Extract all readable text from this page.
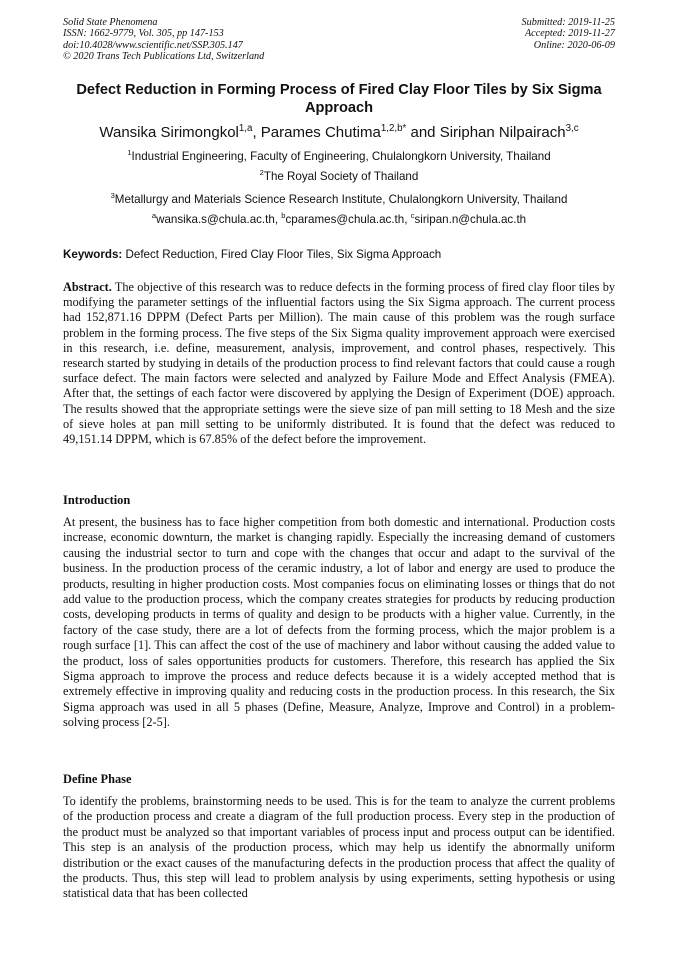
Solid State Phenomena
ISSN: 1662-9779, Vol. 305, pp 147-153
doi:10.4028/www.scientific.net/SSP.305.147
© 2020 Trans Tech Publications Ltd, Switzerland
Submitted: 2019-11-25
Accepted: 2019-11-27
Online: 2020-06-09
Defect Reduction in Forming Process of Fired Clay Floor Tiles by Six Sigma Approach
Wansika Sirimongkol$^{1,a}$, Parames Chutima$^{1,2,b*}$ and Siriphan Nilpairach$^{3,c}$
$^1$Industrial Engineering, Faculty of Engineering, Chulalongkorn University, Thailand
$^2$The Royal Society of Thailand
$^3$Metallurgy and Materials Science Research Institute, Chulalongkorn University, Thailand
$^a$wansika.s@chula.ac.th, $^b$cparames@chula.ac.th, $^c$siripan.n@chula.ac.th
Keywords: Defect Reduction, Fired Clay Floor Tiles, Six Sigma Approach
Abstract. The objective of this research was to reduce defects in the forming process of fired clay floor tiles by modifying the parameter settings of the influential factors using the Six Sigma approach. The current process had 152,871.16 DPPM (Defect Parts per Million). The main cause of this problem was the rough surface problem in the forming process. The five steps of the Six Sigma quality improvement approach were exercised in this research, i.e. define, measurement, analysis, improvement, and control phases, respectively. This research started by studying in details of the production process to find relevant factors that could cause a rough surface defect. The main factors were selected and analyzed by Failure Mode and Effect Analysis (FMEA). After that, the settings of each factor were discovered by applying the Design of Experiment (DOE) approach. The results showed that the appropriate settings were the sieve size of pan mill setting to 18 Mesh and the size of sieve holes at pan mill setting to be uniformly distributed. It is found that the defect was reduced to 49,151.14 DPPM, which is 67.85% of the defect before the improvement.
Introduction
At present, the business has to face higher competition from both domestic and international. Production costs increase, economic downturn, the market is changing rapidly. Especially the increasing demand of customers causing the industrial sector to turn and cope with the changes that occur and adapt to the survival of the business. In the production process of the ceramic industry, a lot of labor and energy are used to produce the products, resulting in higher production costs. Most companies focus on eliminating losses or things that do not add value to the production process, which the company creates strategies for products by reducing production costs, developing products in terms of quality and design to be products with a higher value. Currently, in the factory of the case study, there are a lot of defects from the forming process, which the major problem is a rough surface [1]. This can affect the cost of the use of machinery and labor without causing the added value to the product, loss of sales opportunities products for customers. Therefore, this research has applied the Six Sigma approach to improve the process and reduce defects because it is a widely accepted method that is extremely effective in improving quality and reducing costs in the production process. In this research, the Six Sigma approach was used in all 5 phases (Define, Measure, Analyze, Improve and Control) in a problem-solving process [2-5].
Define Phase
To identify the problems, brainstorming needs to be used. This is for the team to analyze the current problems of the production process and create a diagram of the full production process. Every step in the production of the product must be analyzed so that important variables of process input and process output can be identified. This step is an analysis of the production process, which may help us identify the abnormally uniform distribution or the exact causes of the manufacturing defects in the production process that affect the quality of the products. Thus, this step will lead to problem analysis by using experiments, setting hypothesis or using statistical data that has been collected
